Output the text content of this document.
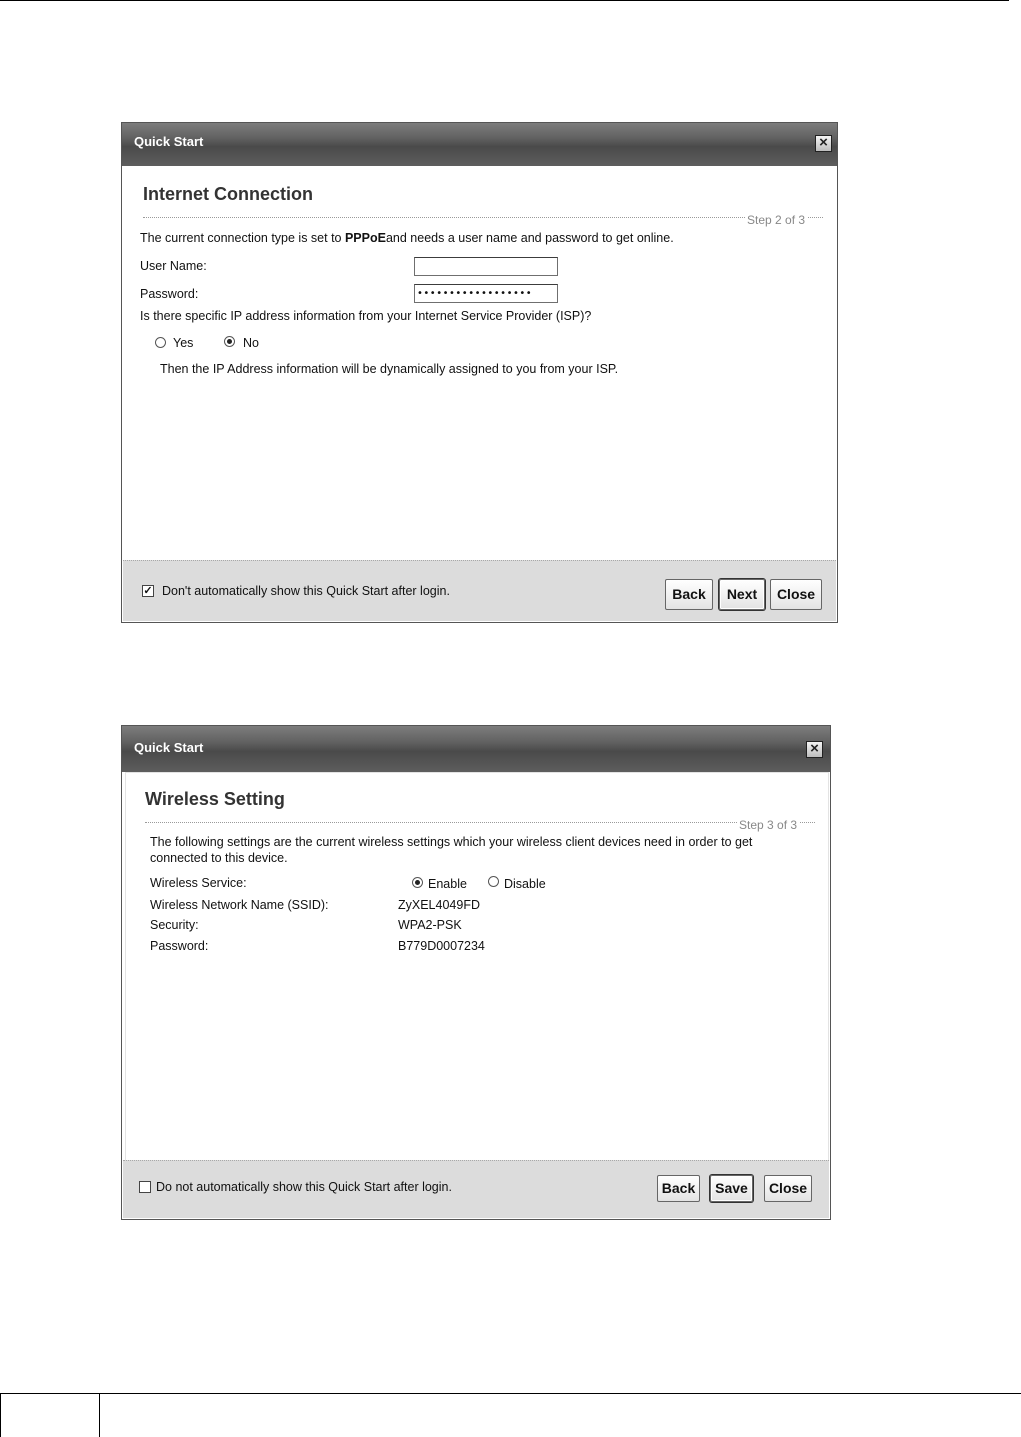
Quick Start	×
Internet Connection
Step 2 of 3
The current connection type is set to PPPoEand needs a user name and password to get online.
User Name:
Password:	••••••••••••••••••
Is there specific IP address information from your Internet Service Provider (ISP)?
Yes	No
Then the IP Address information will be dynamically assigned to you from your ISP.
✓ Don't automatically show this Quick Start after login.	Back	Next	Close
Quick Start	×
Wireless Setting
Step 3 of 3
The following settings are the current wireless settings which your wireless client devices need in order to get
connected to this device.
Wireless Service:	Enable	Disable
Wireless Network Name (SSID):	ZyXEL4049FD
Security:	WPA2-PSK
Password:	B779D0007234
Do not automatically show this Quick Start after login.	Back	Save	Close
